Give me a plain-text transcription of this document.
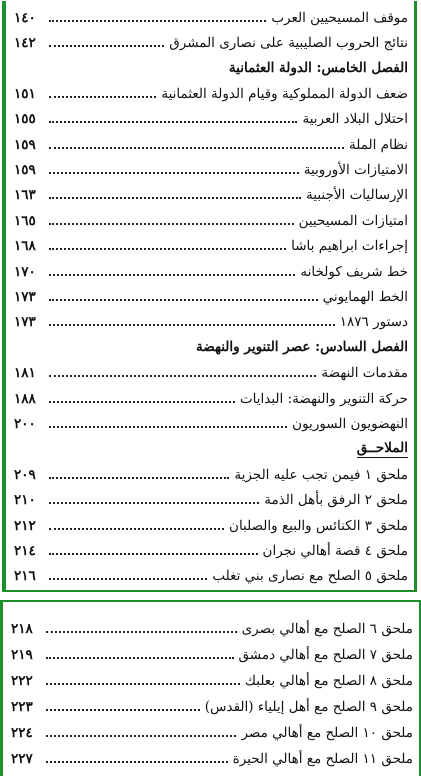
موقف المسيحيين العرب
١٤٠
نتائج الحروب الصليبية على نصارى المشرق
١٤٢
الفصل الخامس: الدولة العثمانية
ضعف الدولة المملوكية وقيام الدولة العثمانية
١٥١
احتلال البلاد العربية
١٥٥
نظام الملة
١٥٩
الامتيازات الأوروبية
١٥٩
الإرساليات الأجنبية
١٦٣
امتيازات المسيحيين
١٦٥
إجراءات ابراهيم باشا
١٦٨
خط شريف كولخانه
١٧٠
الخط الهمايوني
١٧٣
دستور ١٨٧٦
١٧٣
الفصل السادس: عصر التنوير والنهضة
مقدمات النهضة
١٨١
حركة التنوير والنهضة: البدايات
١٨٨
النهضويون السوريون
٢٠٠
الملاحــق
ملحق ١ فيمن تجب عليه الجزية
٢٠٩
ملحق ٢ الرفق بأهل الذمة
٢١٠
ملحق ٣ الكنائس والبيع والصلبان
٢١٢
ملحق ٤ قصة أهالي نجران
٢١٤
ملحق ٥ الصلح مع نصارى بني تغلب
٢١٦
ملحق ٦ الصلح مع أهالي بصرى
٢١٨
ملحق ٧ الصلح مع أهالي دمشق
٢١٩
ملحق ٨ الصلح مع أهالي بعلبك
٢٢٢
ملحق ٩ الصلح مع أهل إيلياء (القدس)
٢٢٣
ملحق ١٠ الصلح مع أهالي مصر
٢٢٤
ملحق ١١ الصلح مع أهالي الحيرة
٢٢٧
